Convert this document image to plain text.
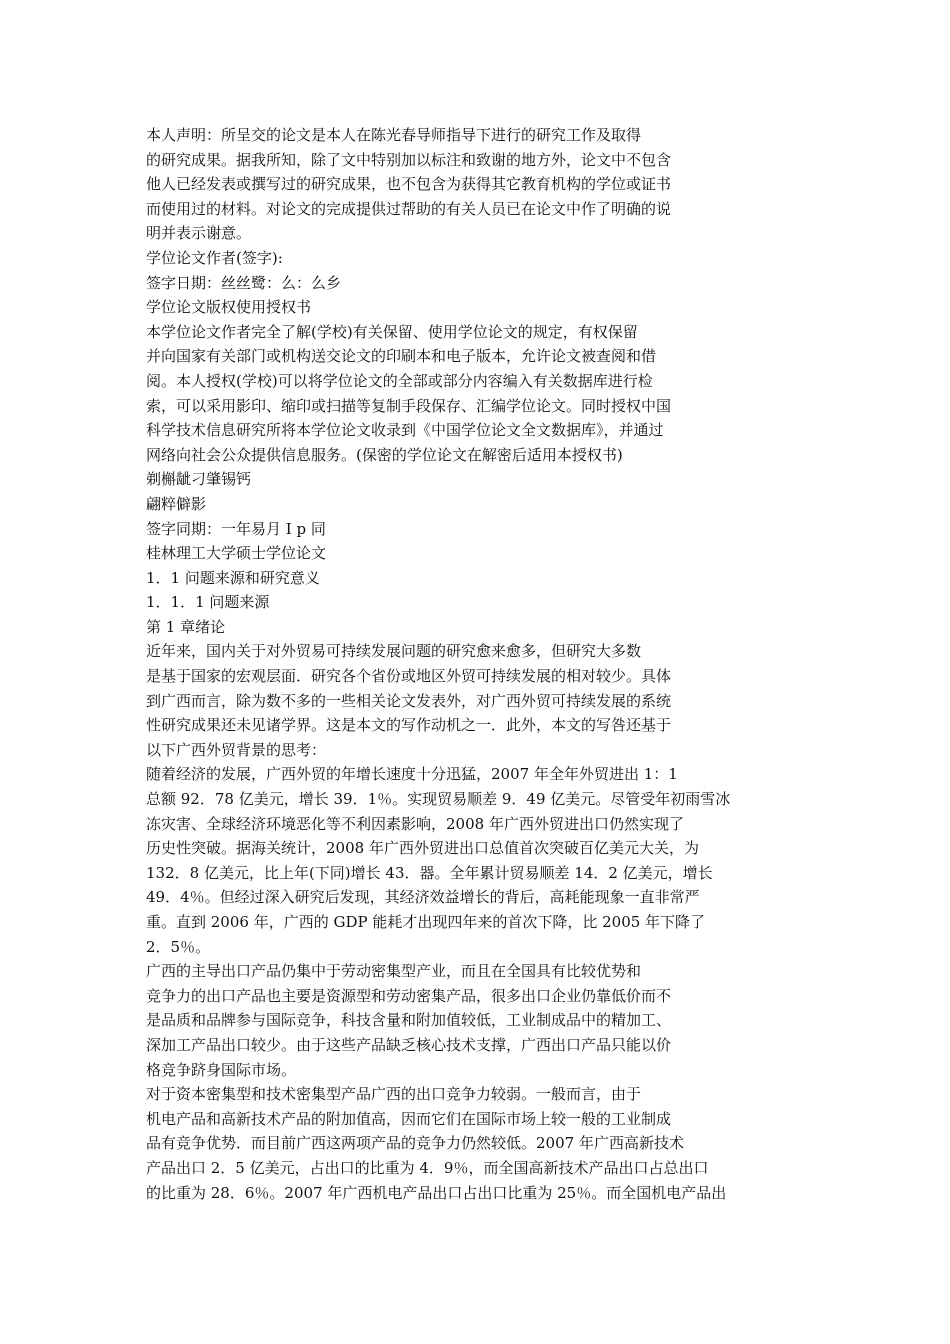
本人声明：所呈交的论文是本人在陈光春导师指导下进行的研究工作及取得
的研究成果。据我所知，除了文中特别加以标注和致谢的地方外，论文中不包含
他人已经发表或撰写过的研究成果，也不包含为获得其它教育机构的学位或证书
而使用过的材料。对论文的完成提供过帮助的有关人员已在论文中作了明确的说
明并表示谢意。
学位论文作者(签字):
签字日期：丝丝鹭：么：么乡
学位论文版权使用授权书
本学位论文作者完全了解(学校)有关保留、使用学位论文的规定，有权保留
并向国家有关部门或机构送交论文的印刷本和电子版本，允许论文被查阅和借
阅。本人授权(学校)可以将学位论文的全部或部分内容编入有关数据库进行检
索，可以采用影印、缩印或扫描等复制手段保存、汇编学位论文。同时授权中国
科学技术信息研究所将本学位论文收录到《中国学位论文全文数据库》，并通过
网络向社会公众提供信息服务。(保密的学位论文在解密后适用本授权书)
剃槲龇刁肇锡钙
翩粹僻影
签字同期：一年易月 I p 同
桂林理工大学硕士学位论文
1．1 问题来源和研究意义
1．1．1 问题来源
第 1 章绪论
近年来，国内关于对外贸易可持续发展问题的研究愈来愈多，但研究大多数
是基于国家的宏观层面．研究各个省份或地区外贸可持续发展的相对较少。具体
到广西而言，除为数不多的一些相关论文发表外，对广西外贸可持续发展的系统
性研究成果还未见诸学界。这是本文的写作动机之一．此外，本文的写咎还基于
以下广西外贸背景的思考：
随着经济的发展，广西外贸的年增长速度十分迅猛，2007 年全年外贸进出 1：1
总额 92．78 亿美元，增长 39．1％。实现贸易顺差 9．49 亿美元。尽管受年初雨雪冰
冻灾害、全球经济环境恶化等不利因素影响，2008 年广西外贸进出口仍然实现了
历史性突破。据海关统计，2008 年广西外贸进出口总值首次突破百亿美元大关，为
132．8 亿美元，比上年(下同)增长 43．器。全年累计贸易顺差 14．2 亿美元，增长
49．4％。但经过深入研究后发现，其经济效益增长的背后，高耗能现象一直非常严
重。直到 2006 年，广西的 GDP 能耗才出现四年来的首次下降，比 2005 年下降了
2．5％。
广西的主导出口产品仍集中于劳动密集型产业，而且在全国具有比较优势和
竞争力的出口产品也主要是资源型和劳动密集产品，很多出口企业仍靠低价而不
是品质和品牌参与国际竞争，科技含量和附加值较低，工业制成品中的精加工、
深加工产品出口较少。由于这些产品缺乏核心技术支撑，广西出口产品只能以价
格竞争跻身国际市场。
对于资本密集型和技术密集型产品广西的出口竞争力较弱。一般而言，由于
机电产品和高新技术产品的附加值高，因而它们在国际市场上较一般的工业制成
品有竞争优势．而目前广西这两项产品的竞争力仍然较低。2007 年广西高新技术
产品出口 2．5 亿美元，占出口的比重为 4．9％，而全国高新技术产品出口占总出口
的比重为 28．6％。2007 年广西机电产品出口占出口比重为 25％。而全国机电产品出
